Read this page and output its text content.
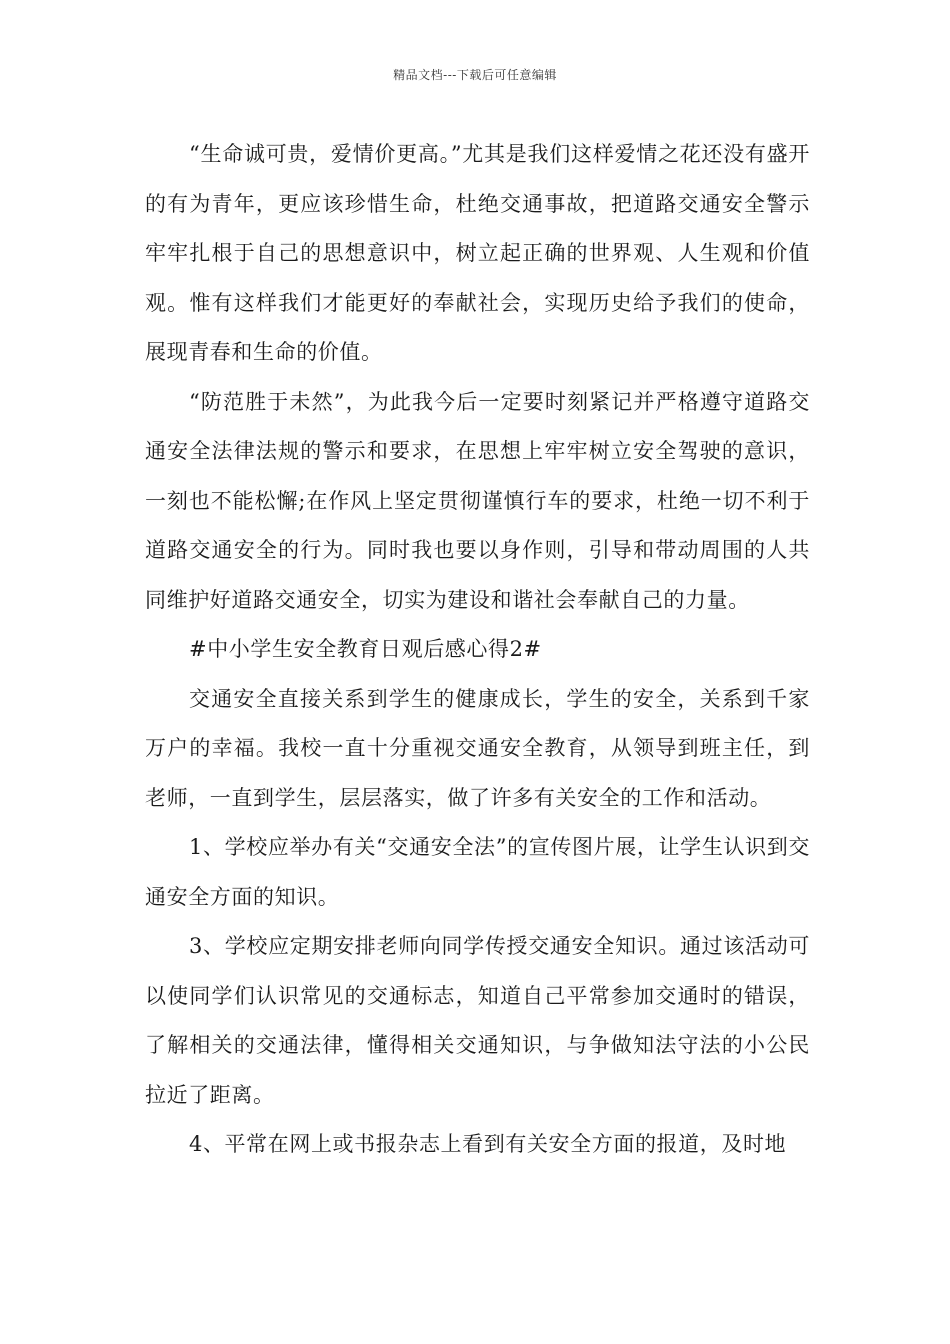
精品文档---下载后可任意编辑

“生命诚可贵，爱情价更高。”尤其是我们这样爱情之花还没有盛开的有为青年，更应该珍惜生命，杜绝交通事故，把道路交通安全警示牢牢扎根于自己的思想意识中，树立起正确的世界观、人生观和价值观。惟有这样我们才能更好的奉献社会，实现历史给予我们的使命，展现青春和生命的价值。

“防范胜于未然”，为此我今后一定要时刻紧记并严格遵守道路交通安全法律法规的警示和要求，在思想上牢牢树立安全驾驶的意识，一刻也不能松懈;在作风上坚定贯彻谨慎行车的要求，杜绝一切不利于道路交通安全的行为。同时我也要以身作则，引导和带动周围的人共同维护好道路交通安全，切实为建设和谐社会奉献自己的力量。

#中小学生安全教育日观后感心得2#

交通安全直接关系到学生的健康成长，学生的安全，关系到千家万户的幸福。我校一直十分重视交通安全教育，从领导到班主任，到老师，一直到学生，层层落实，做了许多有关安全的工作和活动。

1、学校应举办有关“交通安全法”的宣传图片展，让学生认识到交通安全方面的知识。

3、学校应定期安排老师向同学传授交通安全知识。通过该活动可以使同学们认识常见的交通标志，知道自己平常参加交通时的错误，了解相关的交通法律，懂得相关交通知识，与争做知法守法的小公民拉近了距离。

4、平常在网上或书报杂志上看到有关安全方面的报道，及时地
